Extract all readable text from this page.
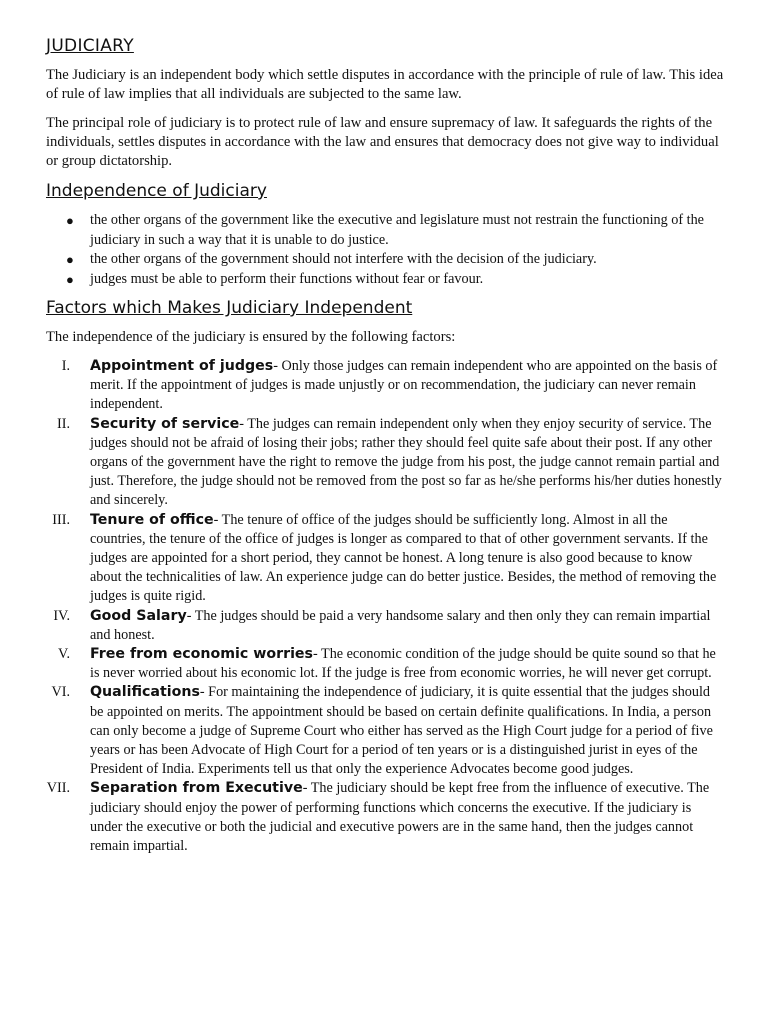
JUDICIARY

The Judiciary is an independent body which settle disputes in accordance with the principle of rule of law. This idea of rule of law implies that all individuals are subjected to the same law.

The principal role of judiciary is to protect rule of law and ensure supremacy of law. It safeguards the rights of the individuals, settles disputes in accordance with the law and ensures that democracy does not give way to individual or group dictatorship.

Independence of Judiciary
● the other organs of the government like the executive and legislature must not restrain the functioning of the judiciary in such a way that it is unable to do justice.
● the other organs of the government should not interfere with the decision of the judiciary.
● judges must be able to perform their functions without fear or favour.
Factors which Makes Judiciary Independent

The independence of the judiciary is ensured by the following factors:

I. Appointment of judges- Only those judges can remain independent who are appointed on the basis of merit. If the appointment of judges is made unjustly or on recommendation, the judiciary can never remain independent.
II. Security of service- The judges can remain independent only when they enjoy security of service. The judges should not be afraid of losing their jobs; rather they should feel quite safe about their post. If any other organs of the government have the right to remove the judge from his post, the judge cannot remain partial and just. Therefore, the judge should not be removed from the post so far as he/she performs his/her duties honestly and sincerely.
III. Tenure of office- The tenure of office of the judges should be sufficiently long. Almost in all the countries, the tenure of the office of judges is longer as compared to that of other government servants. If the judges are appointed for a short period, they cannot be honest. A long tenure is also good because to know about the technicalities of law. An experience judge can do better justice. Besides, the method of removing the judges is quite rigid.
IV. Good Salary- The judges should be paid a very handsome salary and then only they can remain impartial and honest.
V. Free from economic worries- The economic condition of the judge should be quite sound so that he is never worried about his economic lot. If the judge is free from economic worries, he will never get corrupt.
VI. Qualifications- For maintaining the independence of judiciary, it is quite essential that the judges should be appointed on merits. The appointment should be based on certain definite qualifications. In India, a person can only become a judge of Supreme Court who either has served as the High Court judge for a period of five years or has been Advocate of High Court for a period of ten years or is a distinguished jurist in eyes of the President of India. Experiments tell us that only the experience Advocates become good judges.
VII. Separation from Executive- The judiciary should be kept free from the influence of executive. The judiciary should enjoy the power of performing functions which concerns the executive. If the judiciary is under the executive or both the judicial and executive powers are in the same hand, then the judges cannot remain impartial.
